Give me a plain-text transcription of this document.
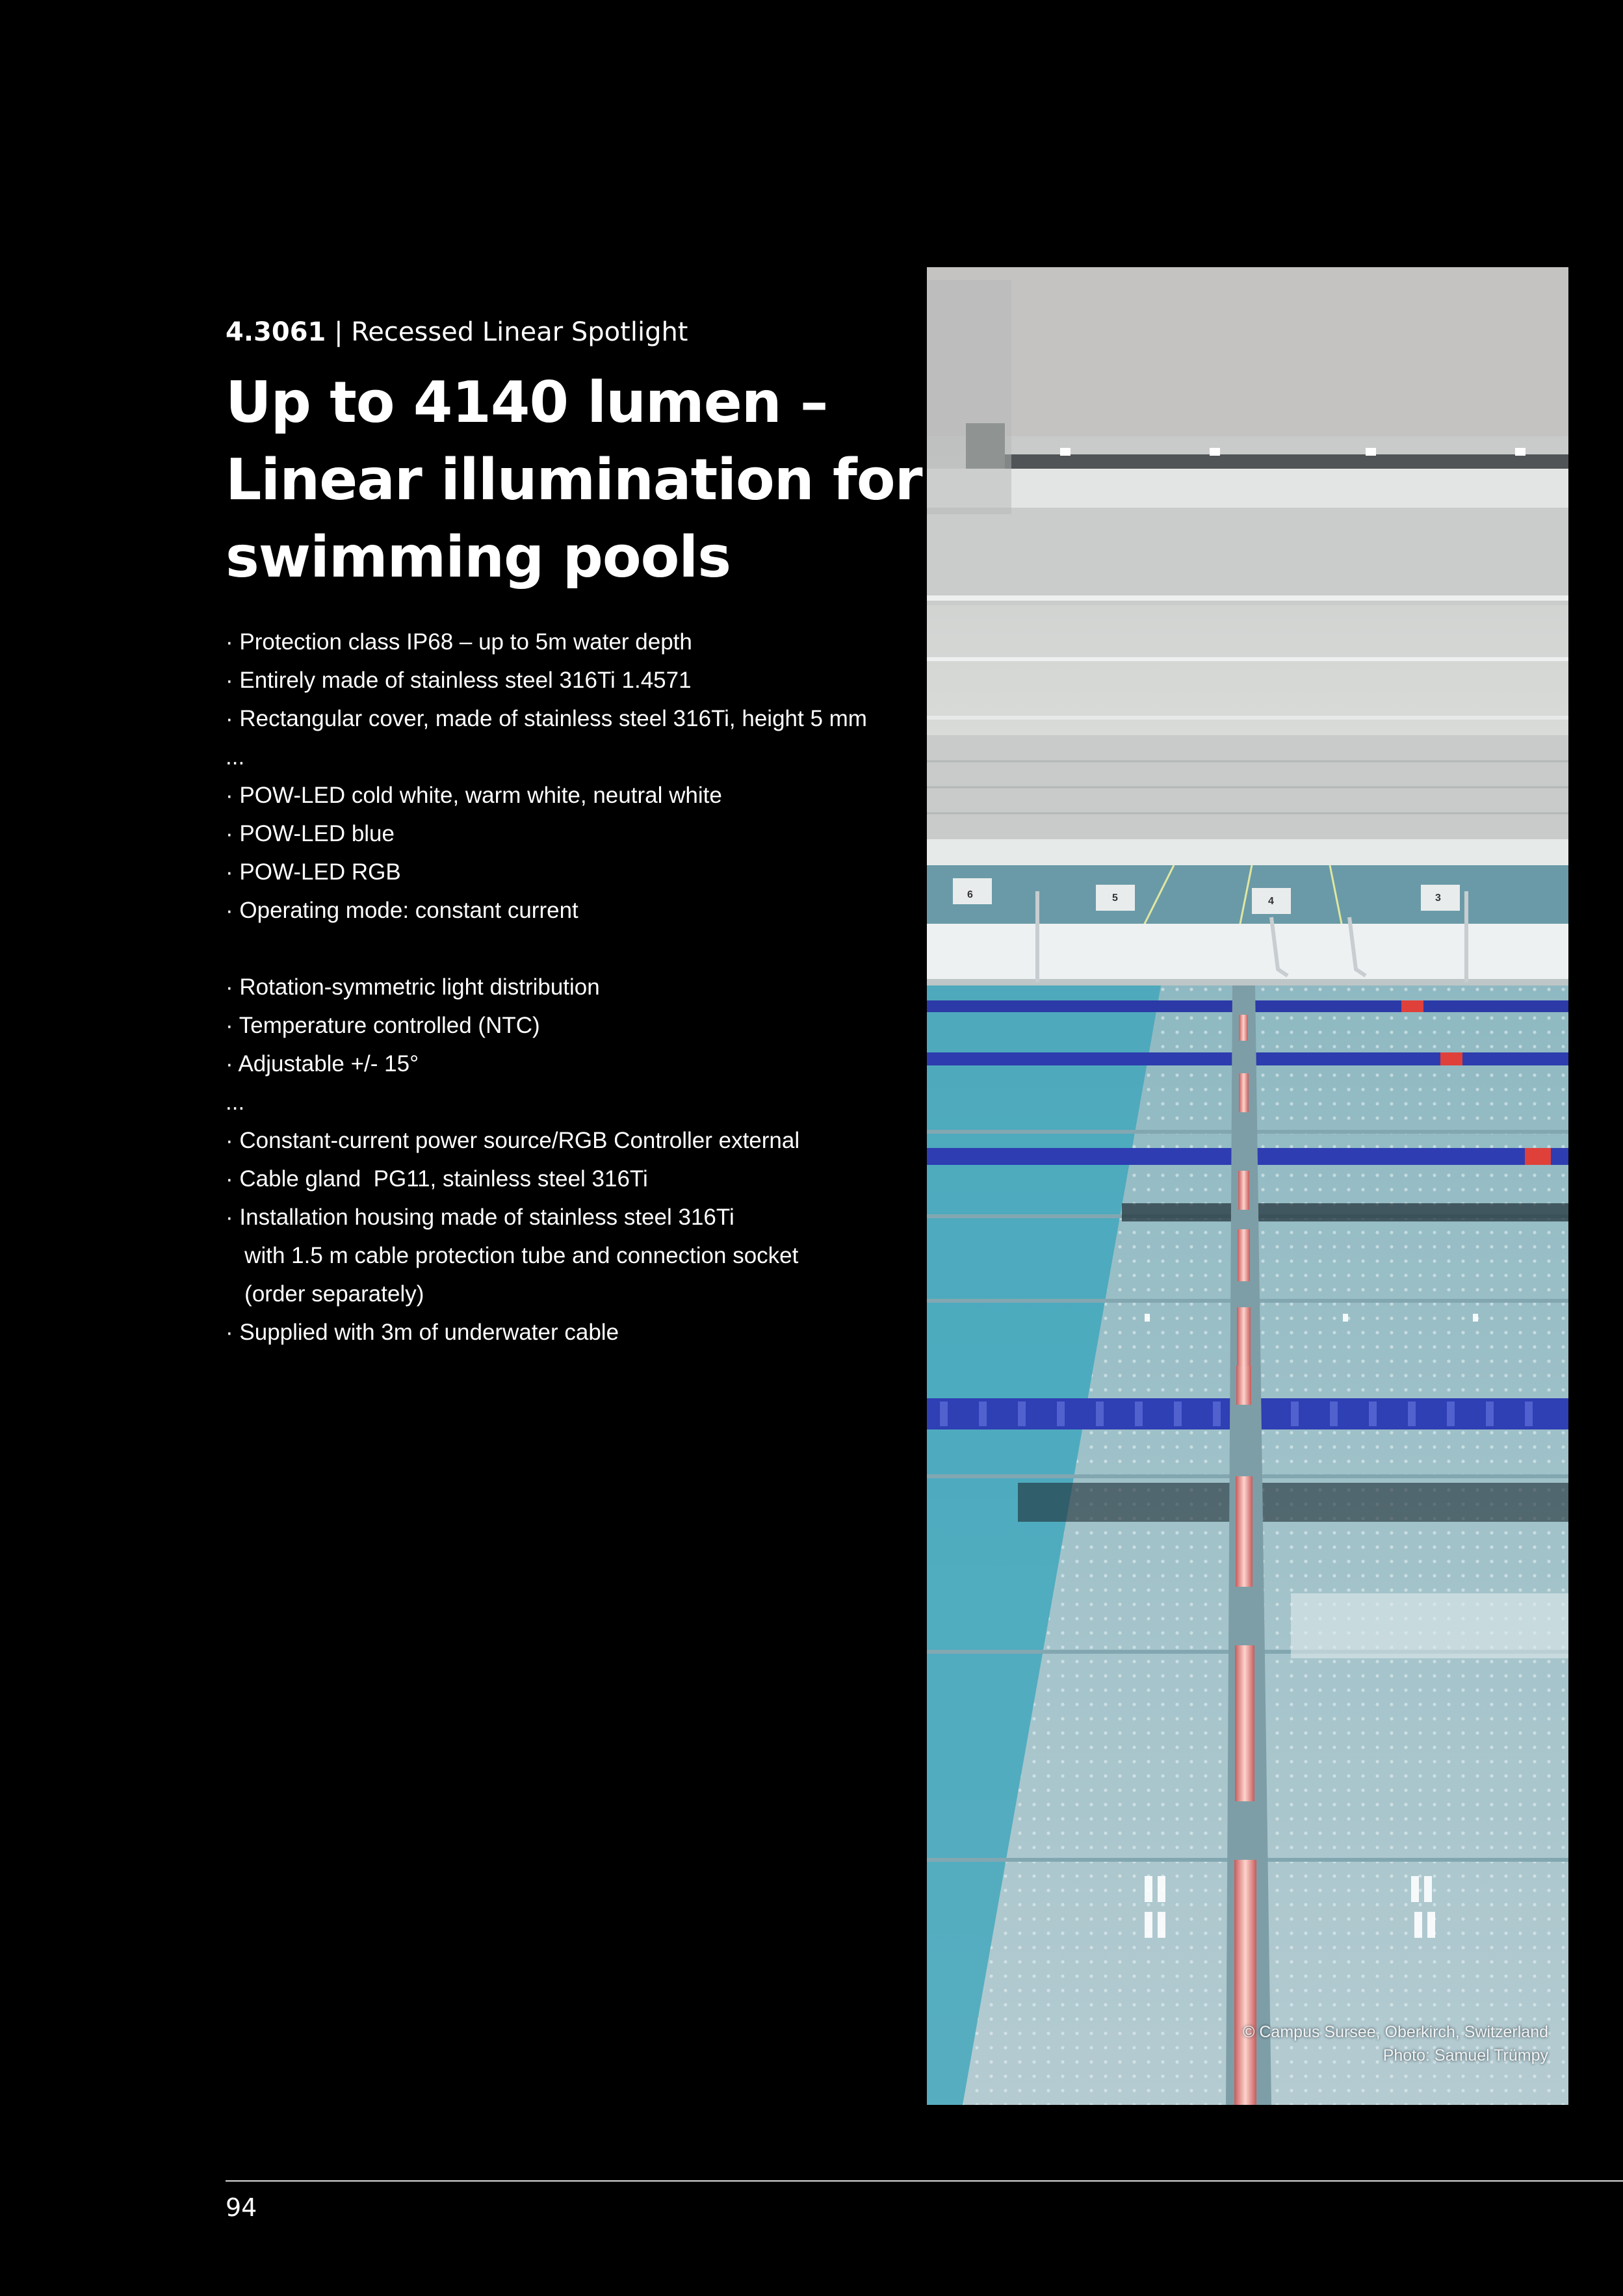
4.3061 | Recessed Linear Spotlight
Up to 4140 lumen –
Linear illumination for
swimming pools
· Protection class IP68 – up to 5m water depth
· Entirely made of stainless steel 316Ti 1.4571
· Rectangular cover, made of stainless steel 316Ti, height 5 mm
...
· POW-LED cold white, warm white, neutral white
· POW-LED blue
· POW-LED RGB
· Operating mode: constant current
· Rotation-symmetric light distribution
· Temperature controlled (NTC)
· Adjustable +/- 15°
...
· Constant-current power source/RGB Controller external
· Cable gland  PG11, stainless steel 316Ti
· Installation housing made of stainless steel 316Ti
with 1.5 m cable protection tube and connection socket
(order separately)
· Supplied with 3m of underwater cable
6	5	4	3
© Campus Sursee, Oberkirch, Switzerland
Photo: Samuel Trümpy
94
